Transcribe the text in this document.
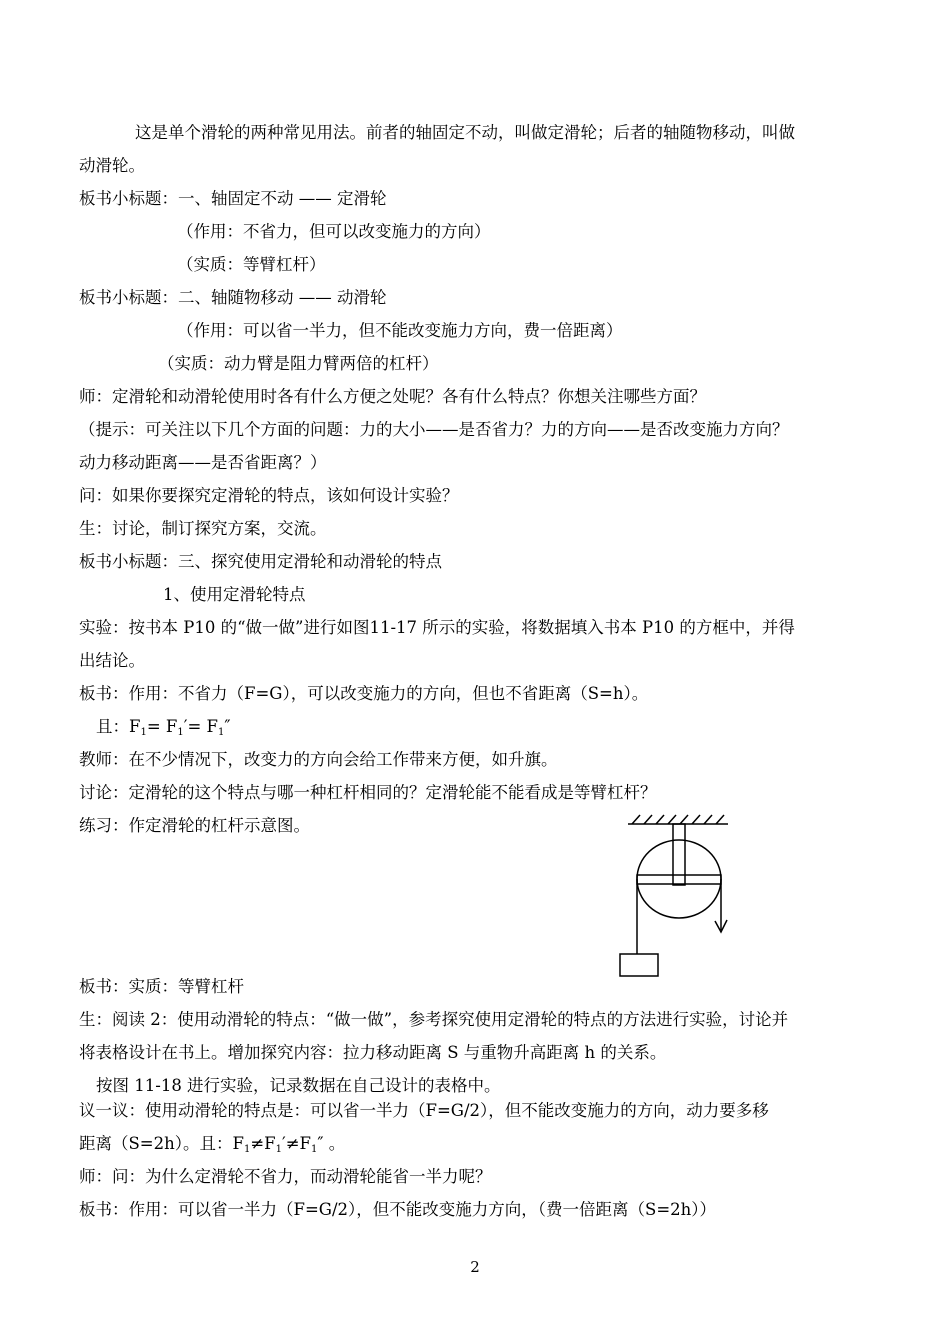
这是单个滑轮的两种常见用法。前者的轴固定不动，叫做定滑轮；后者的轴随物移动，叫做
动滑轮。
板书小标题：一、轴固定不动 —— 定滑轮
（作用：不省力，但可以改变施力的方向）
（实质：等臂杠杆）
板书小标题：二、轴随物移动 —— 动滑轮
（作用：可以省一半力，但不能改变施力方向，费一倍距离）
（实质：动力臂是阻力臂两倍的杠杆）
师：定滑轮和动滑轮使用时各有什么方便之处呢？各有什么特点？你想关注哪些方面？
（提示：可关注以下几个方面的问题：力的大小——是否省力？力的方向——是否改变施力方向？
动力移动距离——是否省距离？）
问：如果你要探究定滑轮的特点，该如何设计实验？
生：讨论，制订探究方案，交流。
板书小标题：三、探究使用定滑轮和动滑轮的特点
1、使用定滑轮特点
实验：按书本 P10 的“做一做”进行如图11-17 所示的实验，将数据填入书本 P10 的方框中，并得
出结论。
板书：作用：不省力（F=G），可以改变施力的方向，但也不省距离（S=h）。
且：$F_1= F_1'= F_1''$
教师：在不少情况下，改变力的方向会给工作带来方便，如升旗。
讨论：定滑轮的这个特点与哪一种杠杆相同的？定滑轮能不能看成是等臂杠杆？
练习：作定滑轮的杠杆示意图。
板书：实质：等臂杠杆
生：阅读 2：使用动滑轮的特点：“做一做”，参考探究使用定滑轮的特点的方法进行实验，讨论并
将表格设计在书上。增加探究内容：拉力移动距离 S 与重物升高距离 h 的关系。
按图 11-18 进行实验，记录数据在自己设计的表格中。
议一议：使用动滑轮的特点是：可以省一半力（F=G/2），但不能改变施力的方向，动力要多移
距离（S=2h）。且：$F_1\ne F_1'\ne F_1''$ 。
师：问：为什么定滑轮不省力，而动滑轮能省一半力呢？
板书：作用：可以省一半力（F=G/2），但不能改变施力方向，（费一倍距离（S=2h））
2
